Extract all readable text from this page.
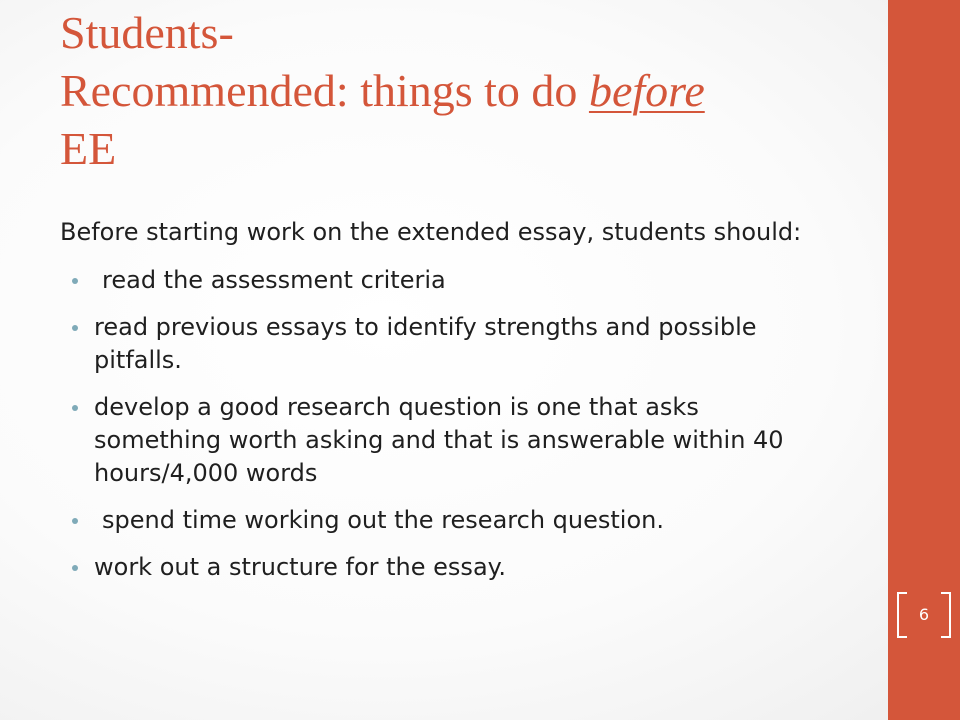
Students-
Recommended: things to do before
EE

Before starting work on the extended essay, students should:

read the assessment criteria
read previous essays to identify strengths and possible pitfalls.
develop a good research question is one that asks something worth asking and that is answerable within 40 hours/4,000 words
spend time working out the research question.
work out a structure for the essay.
6
